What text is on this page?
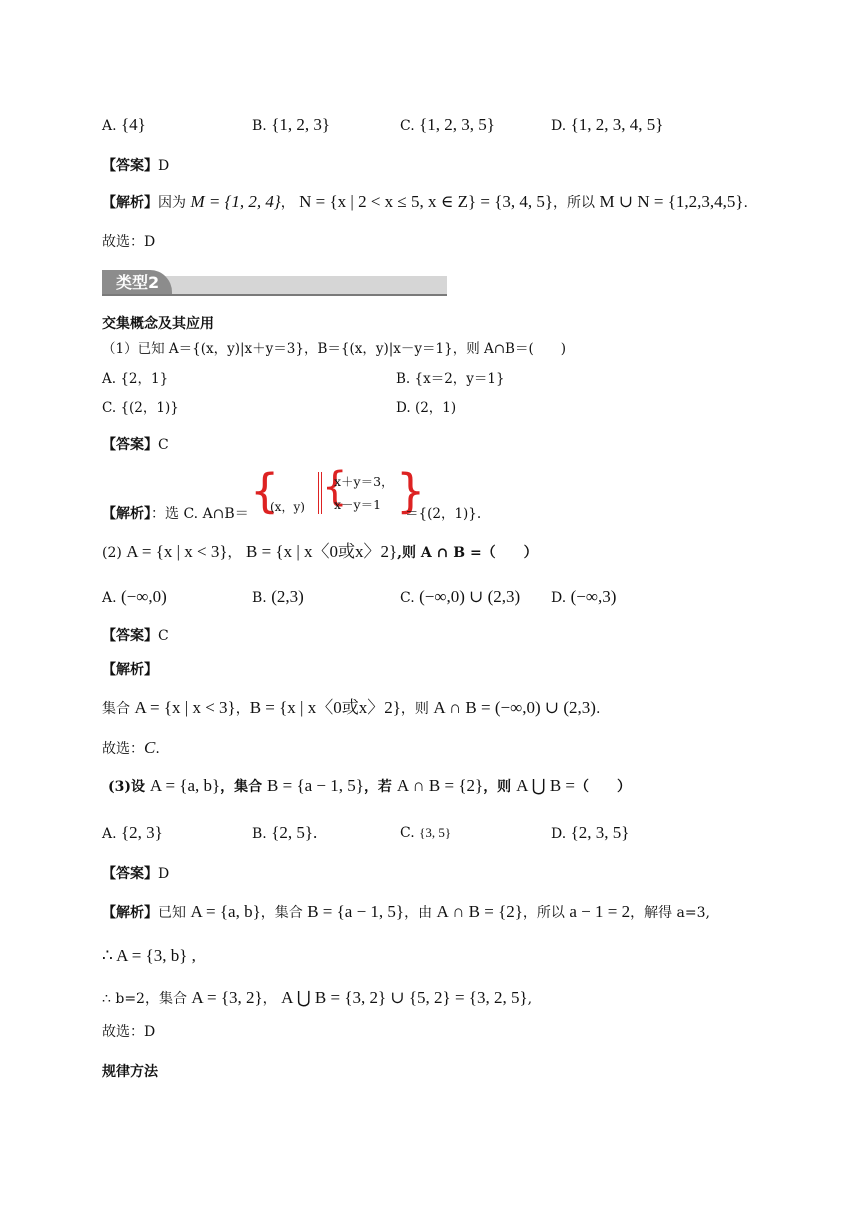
A. {4}	B. {1, 2, 3}	C. {1, 2, 3, 5}	D. {1, 2, 3, 4, 5}
【答案】D
【解析】因为 M = {1, 2, 4}， N = {x | 2 < x ≤ 5, x ∈ Z} = {3, 4, 5}，所以 M ∪ N = {1,2,3,4,5}.
故选：D
类型2
交集概念及其应用
（1）已知 A＝{(x，y)|x＋y＝3}，B＝{(x，y)|x－y＝1}，则 A∩B＝(　　)
A. {2，1}	B. {x＝2，y＝1}
C. {(2，1)}	D. (2，1)
【答案】C
【解析】：选 C. A∩B＝ {
(x，y) {
x＋y＝3，
x－y＝1 }
＝{(2，1)}.
(2) A = {x | x < 3}， B = {x | x〈0或x〉2},则 A ∩ B =（　　）
A. (−∞,0)	B. (2,3)	C. (−∞,0) ∪ (2,3) D. (−∞,3)
【答案】C
【解析】
集合 A = {x | x < 3}，B = {x | x〈0或x〉2}，则 A ∩ B = (−∞,0) ∪ (2,3).
故选：C.
(3)设 A = {a, b}，集合 B = {a − 1, 5}，若 A ∩ B = {2}，则 A ⋃ B =（　　）
A. {2, 3}	B. {2, 5}.	C. {3, 5}	D. {2, 3, 5}
【答案】D
【解析】已知 A = {a, b}，集合 B = {a − 1, 5}，由 A ∩ B = {2}，所以 a − 1 = 2，解得 a=3,
∴ A = {3, b} ,
∴ b=2，集合 A = {3, 2}， A ⋃ B = {3, 2} ∪ {5, 2} = {3, 2, 5},
故选：D
规律方法
